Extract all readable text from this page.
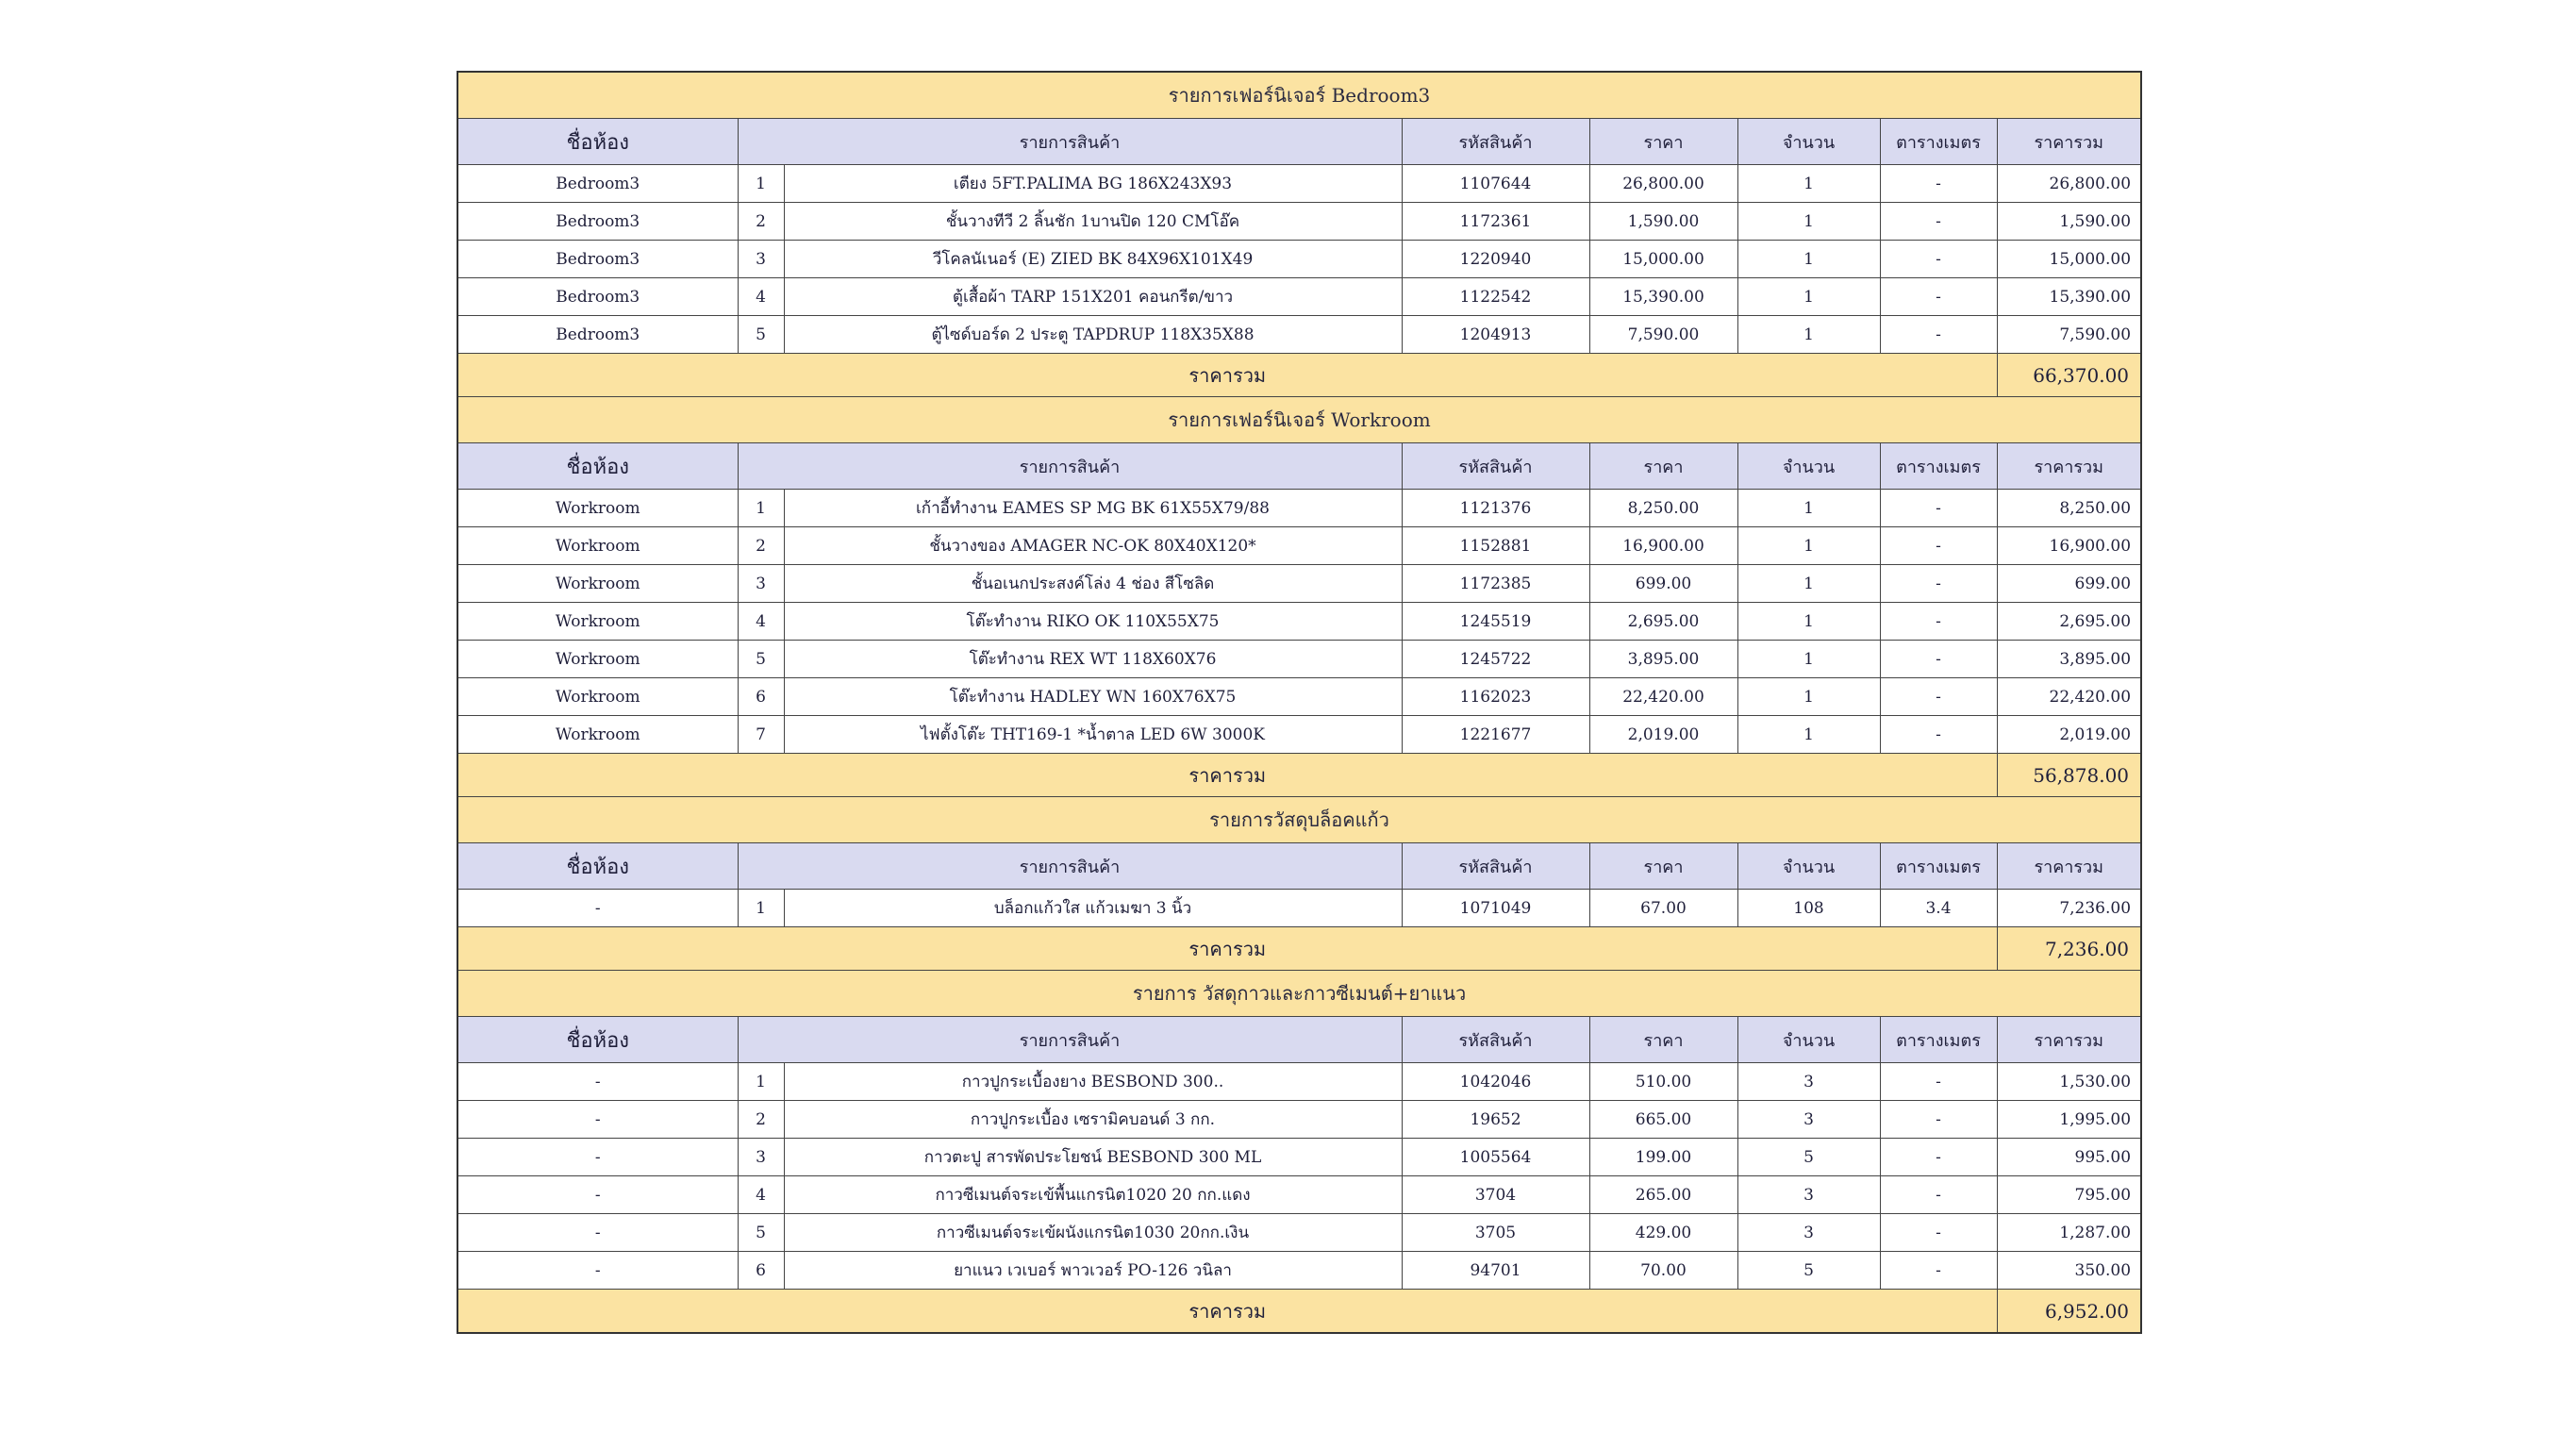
รายการเฟอร์นิเจอร์ Bedroom3							
ชื่อห้อง	รายการสินค้า		รหัสสินค้า	ราคา	จำนวน	ตารางเมตร	ราคารวม
Bedroom3	1	เตียง 5FT.PALIMA BG 186X243X93	1107644	26,800.00	1	-	26,800.00
Bedroom3	2	ชั้นวางทีวี 2 ลิ้นชัก 1บานปิด 120 CMโอ๊ค	1172361	1,590.00	1	-	1,590.00
Bedroom3	3	วีโคลนัเนอร์ (E) ZIED BK 84X96X101X49	1220940	15,000.00	1	-	15,000.00
Bedroom3	4	ตู้เสื้อผ้า TARP 151X201 คอนกรีต/ขาว	1122542	15,390.00	1	-	15,390.00
Bedroom3	5	ตู้ไซด์บอร์ด 2 ประตู TAPDRUP 118X35X88	1204913	7,590.00	1	-	7,590.00
ราคารวม							66,370.00
รายการเฟอร์นิเจอร์ Workroom							
ชื่อห้อง	รายการสินค้า		รหัสสินค้า	ราคา	จำนวน	ตารางเมตร	ราคารวม
Workroom	1	เก้าอี้ทำงาน EAMES SP MG BK 61X55X79/88	1121376	8,250.00	1	-	8,250.00
Workroom	2	ชั้นวางของ AMAGER NC-OK 80X40X120*	1152881	16,900.00	1	-	16,900.00
Workroom	3	ชั้นอเนกประสงค์โล่ง 4 ช่อง สีโซลิด	1172385	699.00	1	-	699.00
Workroom	4	โต๊ะทำงาน RIKO OK 110X55X75	1245519	2,695.00	1	-	2,695.00
Workroom	5	โต๊ะทำงาน REX WT 118X60X76	1245722	3,895.00	1	-	3,895.00
Workroom	6	โต๊ะทำงาน HADLEY WN 160X76X75	1162023	22,420.00	1	-	22,420.00
Workroom	7	ไฟตั้งโต๊ะ THT169-1 *น้ำตาล LED 6W 3000K	1221677	2,019.00	1	-	2,019.00
ราคารวม							56,878.00
รายการวัสดุบล็อคแก้ว							
ชื่อห้อง	รายการสินค้า		รหัสสินค้า	ราคา	จำนวน	ตารางเมตร	ราคารวม
-	1	บล็อกแก้วใส แก้วเมฆา 3 นิ้ว	1071049	67.00	108	3.4	7,236.00
ราคารวม							7,236.00
รายการ วัสดุกาวและกาวซีเมนต์+ยาแนว							
ชื่อห้อง	รายการสินค้า		รหัสสินค้า	ราคา	จำนวน	ตารางเมตร	ราคารวม
-	1	กาวปูกระเบื้องยาง BESBOND 300..	1042046	510.00	3	-	1,530.00
-	2	กาวปูกระเบื้อง เซรามิคบอนด์ 3 กก.	19652	665.00	3	-	1,995.00
-	3	กาวตะปู สารพัดประโยชน์ BESBOND 300 ML	1005564	199.00	5	-	995.00
-	4	กาวซีเมนต์จระเข้พื้นแกรนิต1020 20 กก.แดง	3704	265.00	3	-	795.00
-	5	กาวซีเมนต์จระเข้ผนังแกรนิต1030 20กก.เงิน	3705	429.00	3	-	1,287.00
-	6	ยาแนว เวเบอร์ พาวเวอร์ PO-126 วนิลา	94701	70.00	5	-	350.00
ราคารวม							6,952.00
